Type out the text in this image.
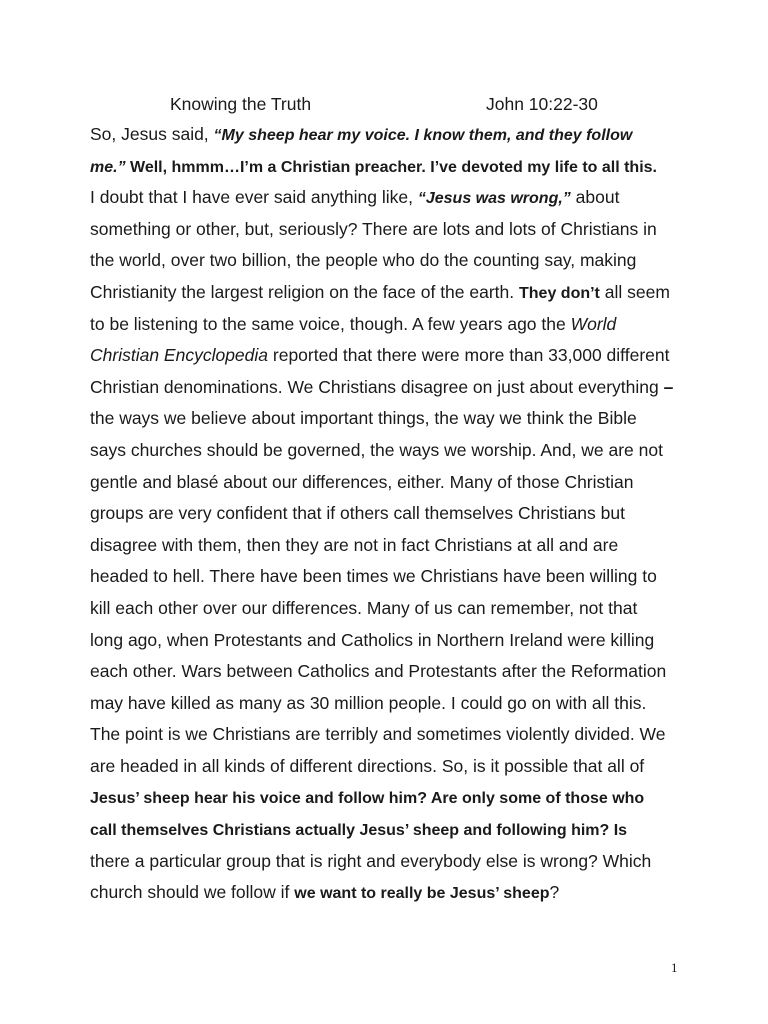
Knowing the Truth	John 10:22-30
So, Jesus said, “My sheep hear my voice. I know them, and they follow
me.” Well, hmmm…I’m a Christian preacher. I’ve devoted my life to all this.
I doubt that I have ever said anything like, “Jesus was wrong,” about
something or other, but, seriously? There are lots and lots of Christians in
the world, over two billion, the people who do the counting say, making
Christianity the largest religion on the face of the earth. They don’t all seem
to be listening to the same voice, though. A few years ago the World
Christian Encyclopedia reported that there were more than 33,000 different
Christian denominations. We Christians disagree on just about everything –
the ways we believe about important things, the way we think the Bible
says churches should be governed, the ways we worship. And, we are not
gentle and blasé about our differences, either. Many of those Christian
groups are very confident that if others call themselves Christians but
disagree with them, then they are not in fact Christians at all and are
headed to hell. There have been times we Christians have been willing to
kill each other over our differences. Many of us can remember, not that
long ago, when Protestants and Catholics in Northern Ireland were killing
each other. Wars between Catholics and Protestants after the Reformation
may have killed as many as 30 million people. I could go on with all this.
The point is we Christians are terribly and sometimes violently divided. We
are headed in all kinds of different directions. So, is it possible that all of
Jesus’ sheep hear his voice and follow him? Are only some of those who
call themselves Christians actually Jesus’ sheep and following him? Is
there a particular group that is right and everybody else is wrong? Which
church should we follow if we want to really be Jesus’ sheep?
1
